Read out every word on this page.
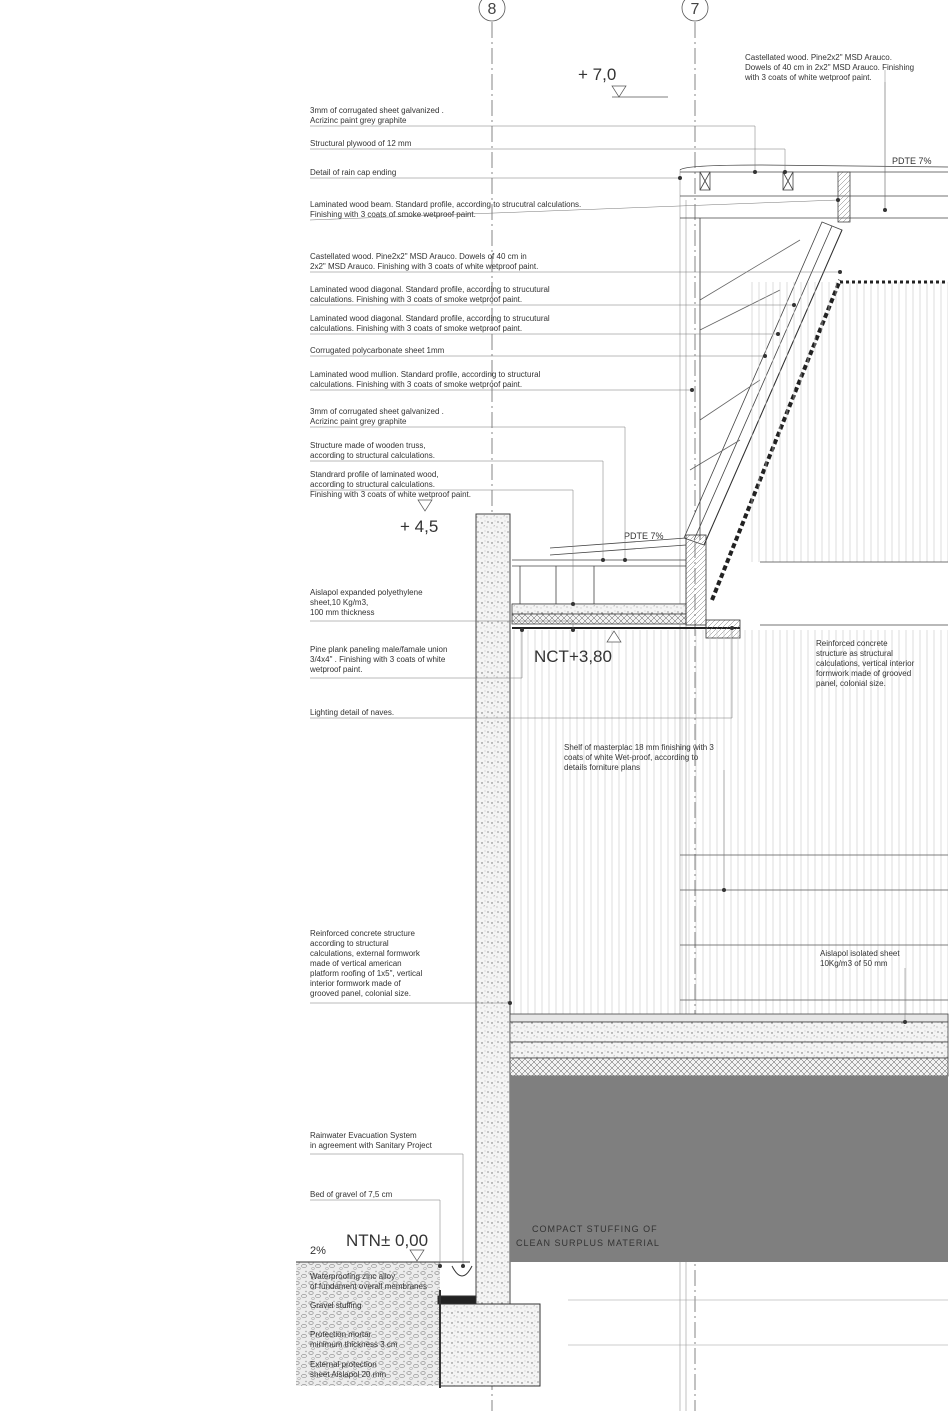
8	7
COMPACT STUFFING OF
CLEAN SURPLUS MATERIAL
+ 7,0
+ 4,5
NCT+3,80
NTN± 0,00
PDTE 7%
PDTE 7%
2%
Castellated wood. Pine2x2" MSD Arauco. Dowels of 40 cm in 2x2" MSD Arauco. Finishing with 3 coats of white wetproof paint.
3mm of corrugated sheet galvanized . Acrizinc paint grey graphite
Structural plywood of 12 mm
Detail of rain cap ending
Laminated wood beam. Standard profile, according to strucutral calculations. Finishing with 3 coats of smoke wetproof paint.
Castellated wood. Pine2x2" MSD Arauco. Dowels of 40 cm in 2x2" MSD Arauco. Finishing with 3 coats of white wetproof paint.
Laminated wood diagonal. Standard profile, according to strucutural calculations. Finishing with 3 coats of smoke wetproof paint.
Laminated wood diagonal. Standard profile, according to strucutural calculations. Finishing with 3 coats of smoke wetproof paint.
Corrugated polycarbonate sheet 1mm
Laminated wood mullion. Standard profile, according to structural calculations. Finishing with 3 coats of smoke wetproof paint.
3mm of corrugated sheet galvanized . Acrizinc paint grey graphite
Structure made of wooden truss, according to structural calculations.
Standrard profile of laminated wood, according to structural calculations. Finishing with 3 coats of white wetproof paint.
Aislapol expanded polyethylene sheet,10 Kg/m3, 100 mm thickness
Pine plank paneling male/famale union 3/4x4" . Finishing with 3 coats of white wetproof paint.
Lighting detail of naves.
Reinforced concrete structure as structural calculations, vertical interior formwork made of grooved panel, colonial size.
Shelf of masterplac 18 mm finishing with 3 coats of white Wet-proof, according to details forniture plans
Reinforced concrete structure according to structural calculations, external formwork made of vertical american platform roofing of 1x5", vertical interior formwork made of grooved panel, colonial size.
Aislapol isolated sheet 10Kg/m3 of 50 mm
Rainwater Evacuation System in agreement with Sanitary Project
Bed of gravel of 7,5 cm
Waterproofing zinc alloy of fundament overall membranes
Gravel stuffing
Protection mortar minimum thickness 3 cm
External protection sheet Aislapol 20 mm
